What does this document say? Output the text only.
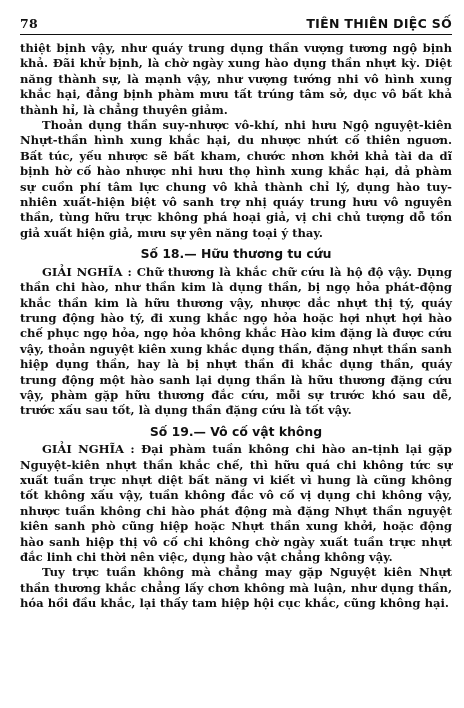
78	TIÊN THIÊN DIỆC SỐ

thiệt bịnh vậy, như quáy trung dụng thần vượng tương ngộ bịnh khả. Đãi khử bịnh, là chờ ngày xung hào dụng thần nhựt kỳ. Diệt năng thành sự, là mạnh vậy, như vượng tướng nhi vô hình xung khắc hại, đẳng bịnh phàm mưu tất trúng tâm sở, dục vô bất khả thành hỉ, là chẳng thuyên giảm.

Thoản dụng thần suy-nhược vô-khí, nhi hưu Ngộ nguyệt-kiên Nhựt-thần hình xung khắc hại, du nhược nhứt cố thiên nguơn. Bất túc, yếu nhược sẽ bất kham, chước nhơn khởi khả tài da dĩ bịnh hờ cố hào nhược nhi hưu thọ hình xung khắc hại, dả phàm sự cuồn phí tâm lực chung vô khả thành chỉ lý, dụng hào tuy-nhiên xuất-hiện biệt vô sanh trợ nhị quáy trung hưu vô nguyên thần, tùng hữu trực không phá hoại giả, vị chi chủ tượng dỗ tồn giả xuất hiện giả, mưu sự yên năng toại ý thay.

Số 18.— Hữu thương tu cứu

GIẢI NGHĨA : Chữ thương là khắc chữ cứu là hộ độ vậy. Dụng thần chi hào, như thần kim là dụng thần, bị ngọ hỏa phát-động khắc thần kim là hữu thương vậy, nhược dắc nhựt thị tý, quáy trung động hào tý, đi xung khắc ngọ hỏa hoặc hợi nhựt hợi hào chế phục ngọ hỏa, ngọ hỏa không khắc Hào kim đặng là được cứu vậy, thoản nguyệt kiên xung khắc dụng thần, đặng nhựt thần sanh hiệp dụng thần, hay là bị nhựt thần đi khắc dụng thần, quáy trung động một hào sanh lại dụng thần là hữu thương đặng cứu vậy, phàm gặp hữu thương đắc cứu, mỗi sự trước khó sau dễ, trước xấu sau tốt, là dụng thần đặng cứu là tốt vậy.

Số 19.— Vô cố vật không

GIẢI NGHĨA : Đại phàm tuần không chi hào an-tịnh lại gặp Nguyệt-kiên nhựt thần khắc chế, thì hữu quá chi không tức sự xuất tuần trực nhựt diệt bất năng vi kiết vì hung là cũng không tốt không xấu vậy, tuần không đắc vô cố vị dụng chi không vậy, nhược tuần không chi hào phát động mà đặng Nhựt thần nguyệt kiên sanh phò cũng hiệp hoặc Nhựt thần xung khởi, hoặc động hào sanh hiệp thị vô cố chi không chờ ngày xuất tuần trực nhựt đắc linh chi thời nên việc, dụng hào vật chẳng không vậy.

Tuy trực tuần không mà chẳng may gặp Nguyệt kiên Nhựt thần thương khắc chẳng lấy chơn không mà luận, như dụng thần, hóa hồi đầu khắc, lại thấy tam hiệp hội cục khắc, cũng không hại.
